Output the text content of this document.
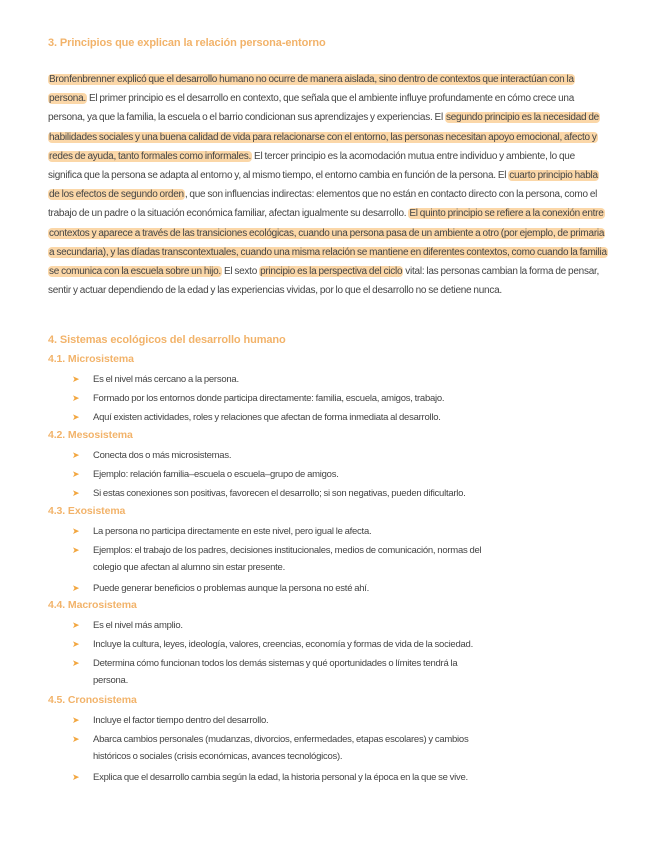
3. Principios que explican la relación persona-entorno
Bronfenbrenner explicó que el desarrollo humano no ocurre de manera aislada, sino dentro de contextos que interactúan con la persona. El primer principio es el desarrollo en contexto, que señala que el ambiente influye profundamente en cómo crece una persona, ya que la familia, la escuela o el barrio condicionan sus aprendizajes y experiencias. El segundo principio es la necesidad de habilidades sociales y una buena calidad de vida para relacionarse con el entorno, las personas necesitan apoyo emocional, afecto y redes de ayuda, tanto formales como informales. El tercer principio es la acomodación mutua entre individuo y ambiente, lo que significa que la persona se adapta al entorno y, al mismo tiempo, el entorno cambia en función de la persona. El cuarto principio habla de los efectos de segundo orden, que son influencias indirectas: elementos que no están en contacto directo con la persona, como el trabajo de un padre o la situación económica familiar, afectan igualmente su desarrollo. El quinto principio se refiere a la conexión entre contextos y aparece a través de las transiciones ecológicas, cuando una persona pasa de un ambiente a otro (por ejemplo, de primaria a secundaria), y las díadas transcontextuales, cuando una misma relación se mantiene en diferentes contextos, como cuando la familia se comunica con la escuela sobre un hijo. El sexto principio es la perspectiva del ciclo vital: las personas cambian la forma de pensar, sentir y actuar dependiendo de la edad y las experiencias vividas, por lo que el desarrollo no se detiene nunca.
4. Sistemas ecológicos del desarrollo humano
4.1. Microsistema
➤ Es el nivel más cercano a la persona.
➤ Formado por los entornos donde participa directamente: familia, escuela, amigos, trabajo.
➤ Aquí existen actividades, roles y relaciones que afectan de forma inmediata al desarrollo.
4.2. Mesosistema
➤ Conecta dos o más microsistemas.
➤ Ejemplo: relación familia–escuela o escuela–grupo de amigos.
➤ Si estas conexiones son positivas, favorecen el desarrollo; si son negativas, pueden dificultarlo.
4.3. Exosistema
➤ La persona no participa directamente en este nivel, pero igual le afecta.
➤ Ejemplos: el trabajo de los padres, decisiones institucionales, medios de comunicación, normas del
colegio que afectan al alumno sin estar presente.
➤ Puede generar beneficios o problemas aunque la persona no esté ahí.
4.4. Macrosistema
➤ Es el nivel más amplio.
➤ Incluye la cultura, leyes, ideología, valores, creencias, economía y formas de vida de la sociedad.
➤ Determina cómo funcionan todos los demás sistemas y qué oportunidades o límites tendrá la
persona.
4.5. Cronosistema
➤ Incluye el factor tiempo dentro del desarrollo.
➤ Abarca cambios personales (mudanzas, divorcios, enfermedades, etapas escolares) y cambios
históricos o sociales (crisis económicas, avances tecnológicos).
➤ Explica que el desarrollo cambia según la edad, la historia personal y la época en la que se vive.
